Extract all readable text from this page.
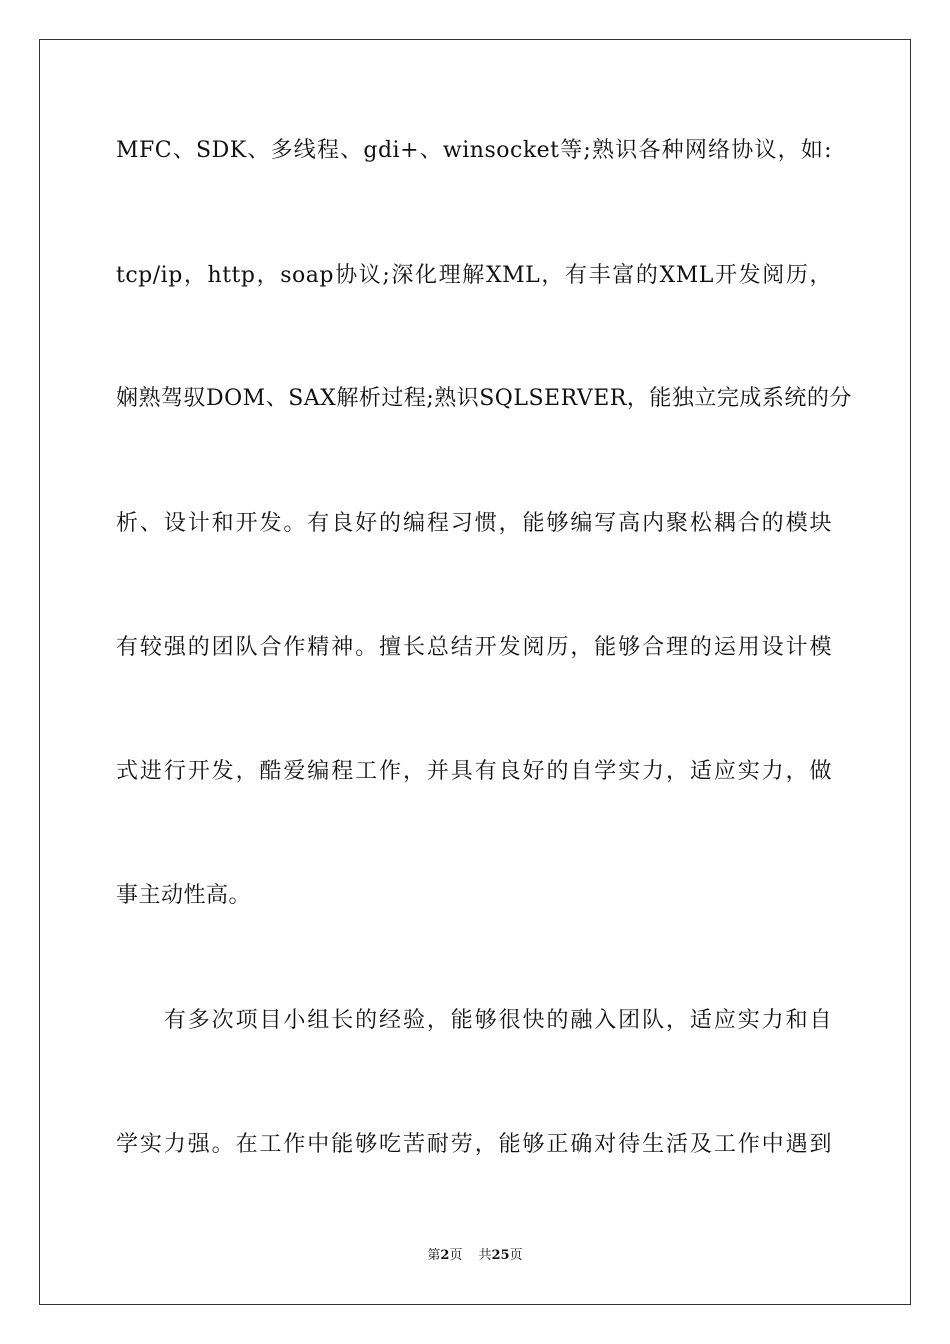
MFC、SDK、多线程、gdi+、winsocket等;熟识各种网络协议，如:
tcp/ip，http，soap协议;深化理解XML，有丰富的XML开发阅历，
娴熟驾驭DOM、SAX解析过程;熟识SQLSERVER，能独立完成系统的分
析、设计和开发。有良好的编程习惯，能够编写高内聚松耦合的模块
有较强的团队合作精神。擅长总结开发阅历，能够合理的运用设计模
式进行开发，酷爱编程工作，并具有良好的自学实力，适应实力，做
事主动性高。
　　有多次项目小组长的经验，能够很快的融入团队，适应实力和自
学实力强。在工作中能够吃苦耐劳，能够正确对待生活及工作中遇到
第2页 共25页
